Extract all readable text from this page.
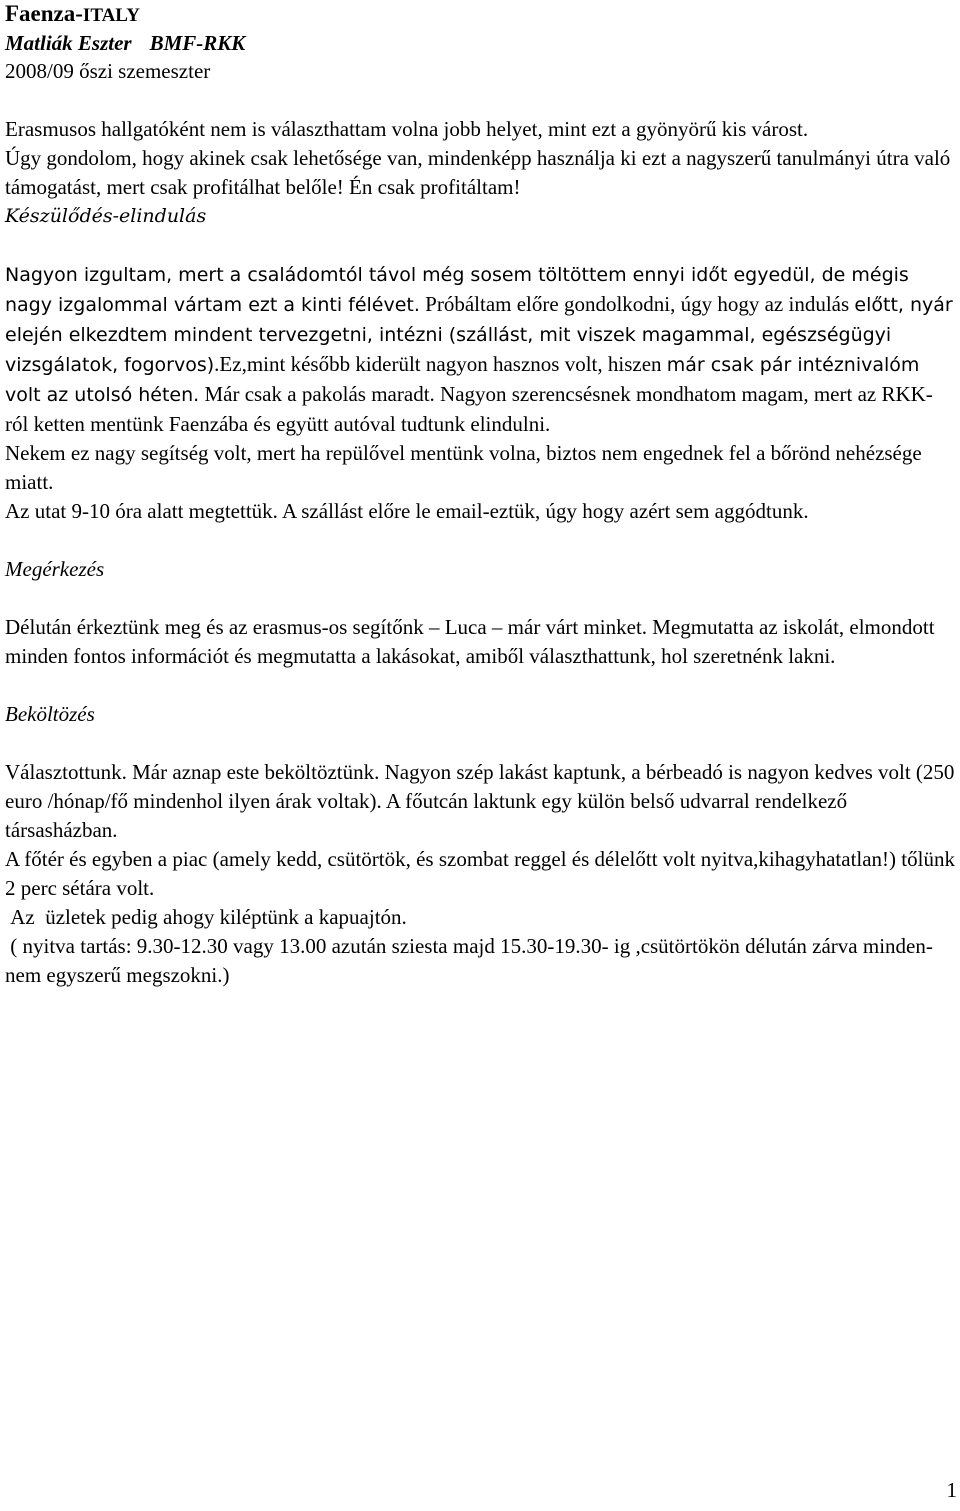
Faenza-ITALY

Matliák Eszter BMF-RKK

2008/09 őszi szemeszter

Erasmusos hallgatóként nem is választhattam volna jobb helyet, mint ezt a gyönyörű kis várost.

Úgy gondolom, hogy akinek csak lehetősége van, mindenképp használja ki ezt a nagyszerű tanulmányi útra való támogatást, mert csak profitálhat belőle! Én csak profitáltam!

Készülődés-elindulás

Nagyon izgultam, mert a családomtól távol még sosem töltöttem ennyi időt egyedül, de mégis nagy izgalommal vártam ezt a kinti félévet. Próbáltam előre gondolkodni, úgy hogy az indulás előtt, nyár elején elkezdtem mindent tervezgetni, intézni (szállást, mit viszek magammal, egészségügyi vizsgálatok, fogorvos).Ez,mint később kiderült nagyon hasznos volt, hiszen már csak pár intéznivalóm volt az utolsó héten. Már csak a pakolás maradt. Nagyon szerencsésnek mondhatom magam, mert az RKK-ról ketten mentünk Faenzába és együtt autóval tudtunk elindulni.

Nekem ez nagy segítség volt, mert ha repülővel mentünk volna, biztos nem engednek fel a bőrönd nehézsége miatt.

Az utat 9-10 óra alatt megtettük. A szállást előre le email-eztük, úgy hogy azért sem aggódtunk.

Megérkezés

Délután érkeztünk meg és az erasmus-os segítőnk – Luca – már várt minket. Megmutatta az iskolát, elmondott minden fontos információt és megmutatta a lakásokat, amiből választhattunk, hol szeretnénk lakni.

Beköltözés

Választottunk. Már aznap este beköltöztünk. Nagyon szép lakást kaptunk, a bérbeadó is nagyon kedves volt (250 euro /hónap/fő mindenhol ilyen árak voltak). A főutcán laktunk egy külön belső udvarral rendelkező társasházban.

A főtér és egyben a piac (amely kedd, csütörtök, és szombat reggel és délelőtt volt nyitva,kihagyhatatlan!) tőlünk 2 perc sétára volt.

Az  üzletek pedig ahogy kiléptünk a kapuajtón.

( nyitva tartás: 9.30-12.30 vagy 13.00 azután sziesta majd 15.30-19.30- ig ,csütörtökön délután zárva minden- nem egyszerű megszokni.)

1
